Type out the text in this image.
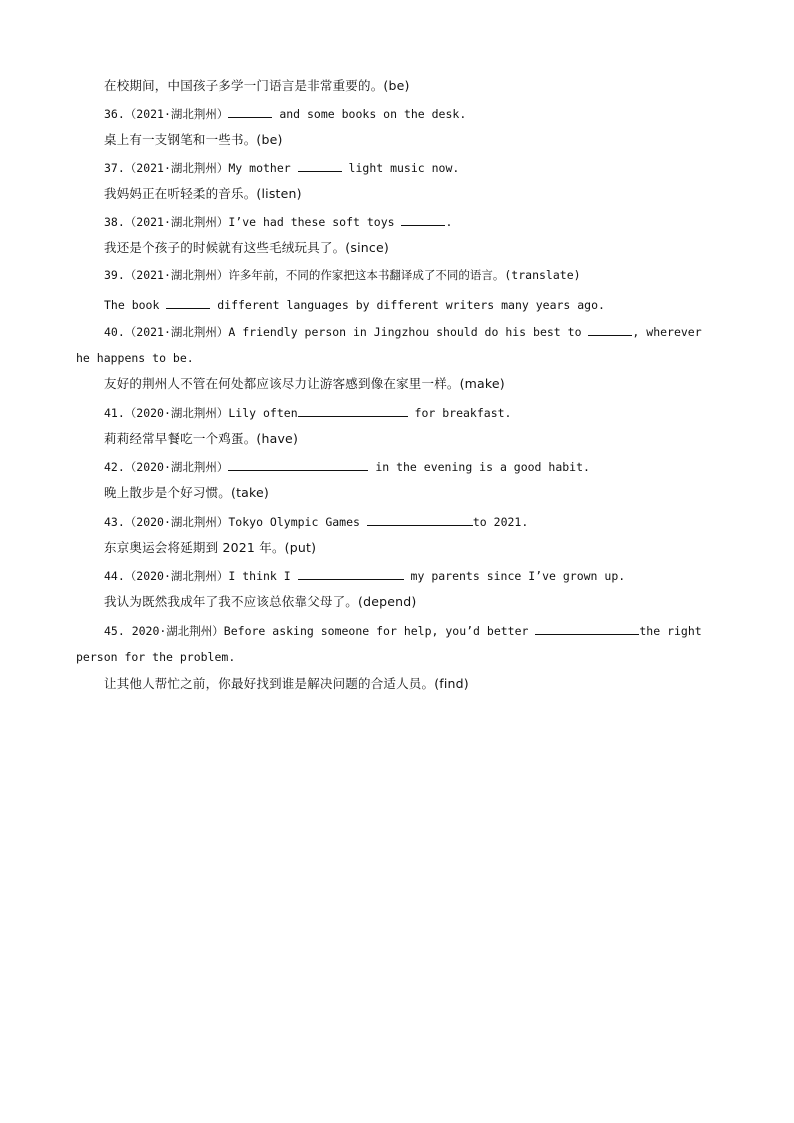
在校期间，中国孩子多学一门语言是非常重要的。(be)
36.（2021·湖北荆州）	and some books on the desk.
桌上有一支钢笔和一些书。(be)
37.（2021·湖北荆州）My mother	light music now.
我妈妈正在听轻柔的音乐。(listen)
38.（2021·湖北荆州）I’ve had these soft toys	.
我还是个孩子的时候就有这些毛绒玩具了。(since)
39.（2021·湖北荆州）许多年前，不同的作家把这本书翻译成了不同的语言。(translate)
The book	different languages by different writers many years ago.
40.（2021·湖北荆州）A friendly person in Jingzhou should do his best to	, wherever
he happens to be.
友好的荆州人不管在何处都应该尽力让游客感到像在家里一样。(make)
41.（2020·湖北荆州）Lily often	for breakfast.
莉莉经常早餐吃一个鸡蛋。(have)
42.（2020·湖北荆州）	in the evening is a good habit.
晚上散步是个好习惯。(take)
43.（2020·湖北荆州）Tokyo Olympic Games	to 2021.
东京奥运会将延期到 2021 年。(put)
44.（2020·湖北荆州）I think I	my parents since I’ve grown up.
我认为既然我成年了我不应该总依靠父母了。(depend)
45. 2020·湖北荆州）Before asking someone for help, you’d better	the right
person for the problem.
让其他人帮忙之前，你最好找到谁是解决问题的合适人员。(find)
